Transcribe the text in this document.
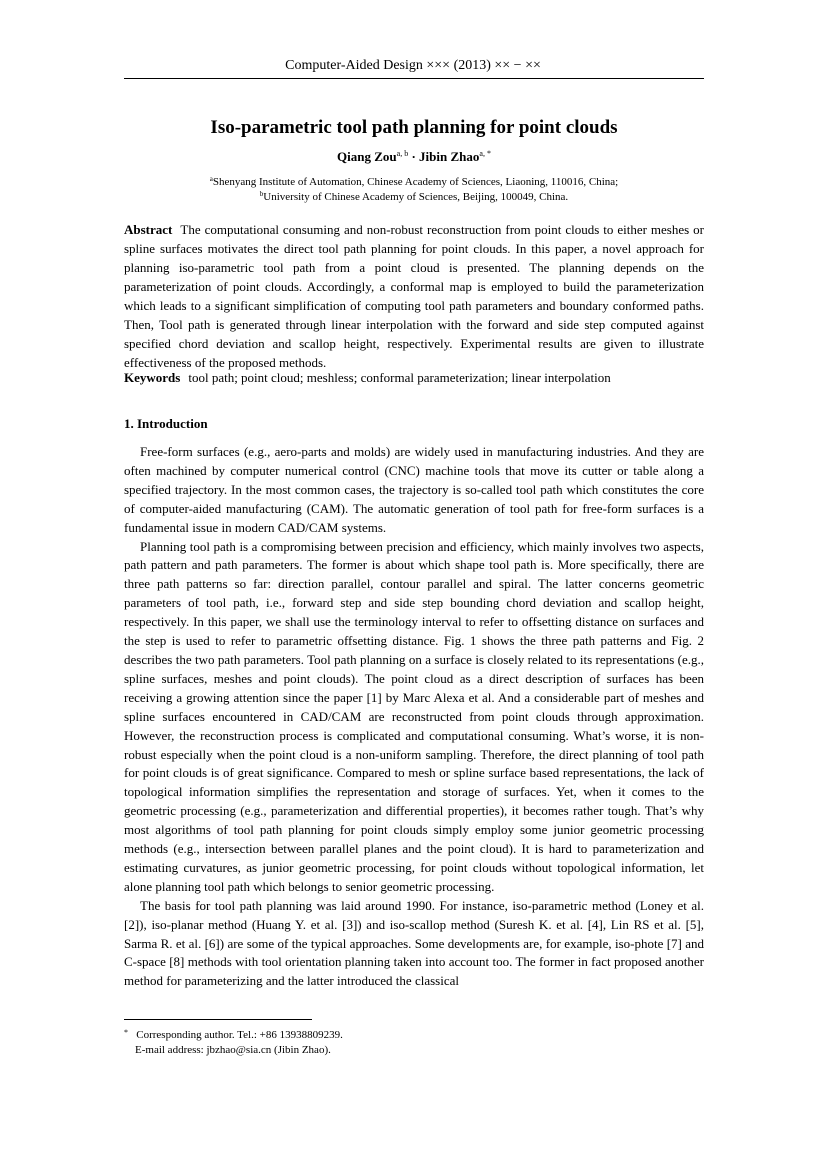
Computer-Aided Design ××× (2013) ×× − ××
Iso-parametric tool path planning for point clouds
Qiang Zou$^{a, b}$ · Jibin Zhao$^{a, *}$
$^a$Shenyang Institute of Automation, Chinese Academy of Sciences, Liaoning, 110016, China;
$^b$University of Chinese Academy of Sciences, Beijing, 100049, China.

Abstract The computational consuming and non-robust reconstruction from point clouds to either meshes or spline surfaces motivates the direct tool path planning for point clouds. In this paper, a novel approach for planning iso-parametric tool path from a point cloud is presented. The planning depends on the parameterization of point clouds. Accordingly, a conformal map is employed to build the parameterization which leads to a significant simplification of computing tool path parameters and boundary conformed paths. Then, Tool path is generated through linear interpolation with the forward and side step computed against specified chord deviation and scallop height, respectively. Experimental results are given to illustrate effectiveness of the proposed methods.

Keywords tool path; point cloud; meshless; conformal parameterization; linear interpolation

1. Introduction

Free-form surfaces (e.g., aero-parts and molds) are widely used in manufacturing industries. And they are often machined by computer numerical control (CNC) machine tools that move its cutter or table along a specified trajectory. In the most common cases, the trajectory is so-called tool path which constitutes the core of computer-aided manufacturing (CAM). The automatic generation of tool path for free-form surfaces is a fundamental issue in modern CAD/CAM systems.

Planning tool path is a compromising between precision and efficiency, which mainly involves two aspects, path pattern and path parameters. The former is about which shape tool path is. More specifically, there are three path patterns so far: direction parallel, contour parallel and spiral. The latter concerns geometric parameters of tool path, i.e., forward step and side step bounding chord deviation and scallop height, respectively. In this paper, we shall use the terminology interval to refer to offsetting distance on surfaces and the step is used to refer to parametric offsetting distance. Fig. 1 shows the three path patterns and Fig. 2 describes the two path parameters. Tool path planning on a surface is closely related to its representations (e.g., spline surfaces, meshes and point clouds). The point cloud as a direct description of surfaces has been receiving a growing attention since the paper [1] by Marc Alexa et al. And a considerable part of meshes and spline surfaces encountered in CAD/CAM are reconstructed from point clouds through approximation. However, the reconstruction process is complicated and computational consuming. What’s worse, it is non-robust especially when the point cloud is a non-uniform sampling. Therefore, the direct planning of tool path for point clouds is of great significance. Compared to mesh or spline surface based representations, the lack of topological information simplifies the representation and storage of surfaces. Yet, when it comes to the geometric processing (e.g., parameterization and differential properties), it becomes rather tough. That’s why most algorithms of tool path planning for point clouds simply employ some junior geometric processing methods (e.g., intersection between parallel planes and the point cloud). It is hard to parameterization and estimating curvatures, as junior geometric processing, for point clouds without topological information, let alone planning tool path which belongs to senior geometric processing.

The basis for tool path planning was laid around 1990. For instance, iso-parametric method (Loney et al. [2]), iso-planar method (Huang Y. et al. [3]) and iso-scallop method (Suresh K. et al. [4], Lin RS et al. [5], Sarma R. et al. [6]) are some of the typical approaches. Some developments are, for example, iso-phote [7] and C-space [8] methods with tool orientation planning taken into account too. The former in fact proposed another method for parameterizing and the latter introduced the classical

* Corresponding author. Tel.: +86 13938809239.
E-mail address: jbzhao@sia.cn (Jibin Zhao).
